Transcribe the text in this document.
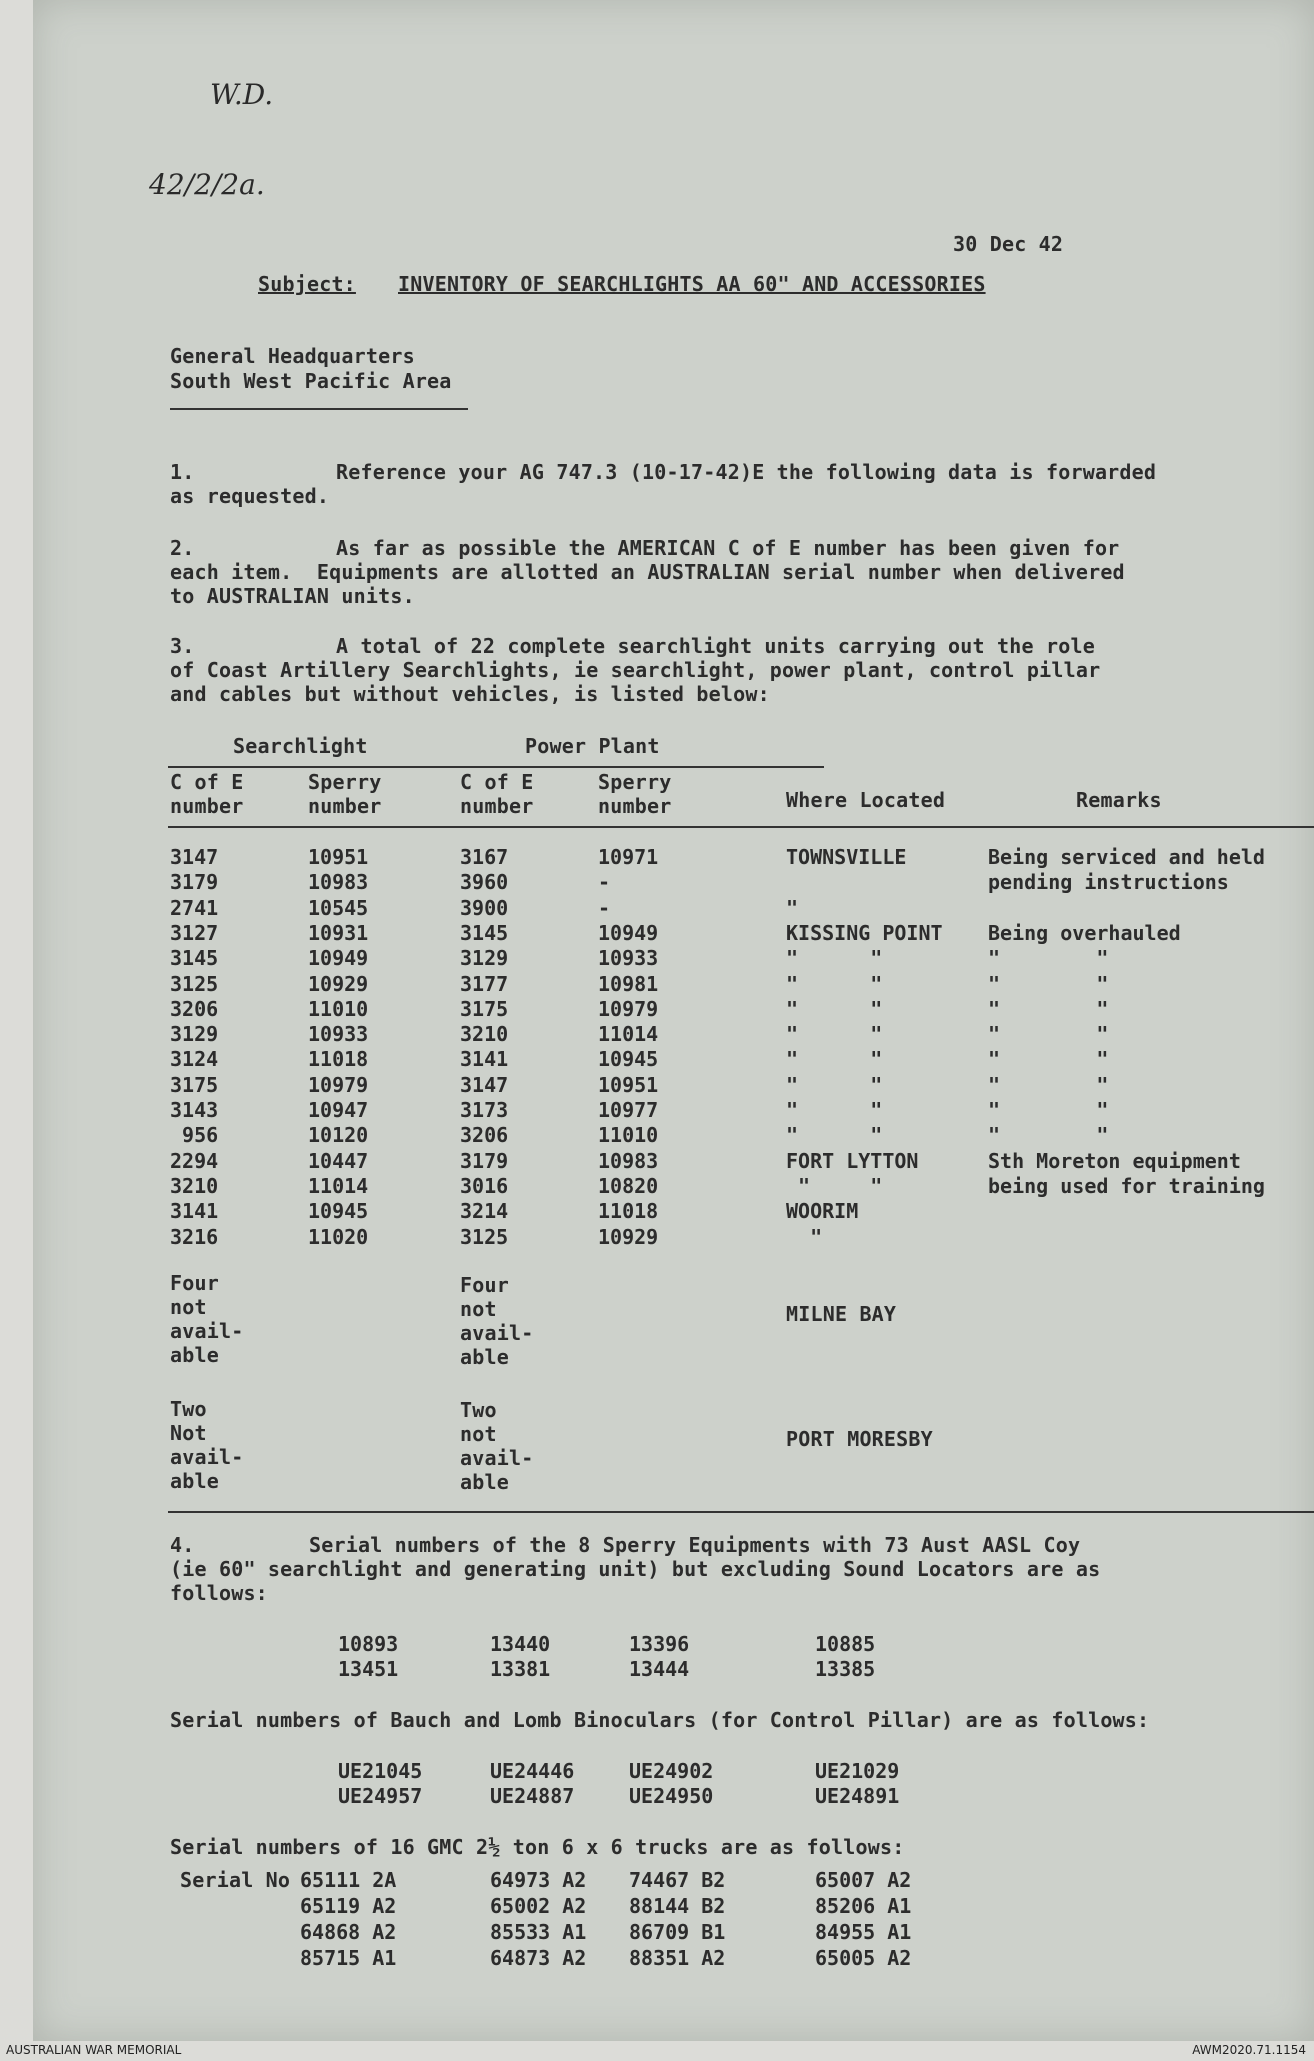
W.D.
42/2/2a.
30 Dec 42
Subject: INVENTORY OF SEARCHLIGHTS AA 60" AND ACCESSORIES
General Headquarters
South West Pacific Area
1.	Reference your AG 747.3 (10-17-42)E the following data is forwarded
as requested.
2.	As far as possible the AMERICAN C of E number has been given for
each item.  Equipments are allotted an AUSTRALIAN serial number when delivered
to AUSTRALIAN units.
3.	A total of 22 complete searchlight units carrying out the role
of Coast Artillery Searchlights, ie searchlight, power plant, control pillar
and cables but without vehicles, is listed below:
Searchlight	Power Plant
C of E
number
Sperry
number
C of E
number
Sperry
number	Where Located	Remarks
3147	10951	3167	10971	TOWNSVILLE	Being serviced and held
3179	10983	3960	-	pending instructions
2741	10545	3900	-	"
3127	10931	3145	10949	KISSING POINT Being overhauled
3145	10949	3129	10933	"      "	"        "
3125	10929	3177	10981	"      "	"        "
3206	11010	3175	10979	"      "	"        "
3129	10933	3210	11014	"      "	"        "
3124	11018	3141	10945	"      "	"        "
3175	10979	3147	10951	"      "	"        "
3143	10947	3173	10977	"      "	"        "
956	10120	3206	11010	"      "	"        "
2294	10447	3179	10983	FORT LYTTON	Sth Moreton equipment
3210	11014	3016	10820	"     "	being used for training
3141	10945	3214	11018	WOORIM
3216	11020	3125	10929	"
Four
not
avail-
able
Four
not
avail-
able
MILNE BAY
Two
Not
avail-
able
Two
not
avail-
able
PORT MORESBY
4.	Serial numbers of the 8 Sperry Equipments with 73 Aust AASL Coy
(ie 60" searchlight and generating unit) but excluding Sound Locators are as
follows:
10893	13440	13396	10885
13451	13381	13444	13385
Serial numbers of Bauch and Lomb Binoculars (for Control Pillar) are as follows:
UE21045	UE24446	UE24902	UE21029
UE24957	UE24887	UE24950	UE24891
Serial numbers of 16 GMC 2½ ton 6 x 6 trucks are as follows:
Serial No 65111 2A	64973 A2 74467 B2	65007 A2
65119 A2	65002 A2 88144 B2	85206 A1
64868 A2	85533 A1 86709 B1	84955 A1
85715 A1	64873 A2 88351 A2	65005 A2
AUSTRALIAN WAR MEMORIAL	AWM2020.71.1154
